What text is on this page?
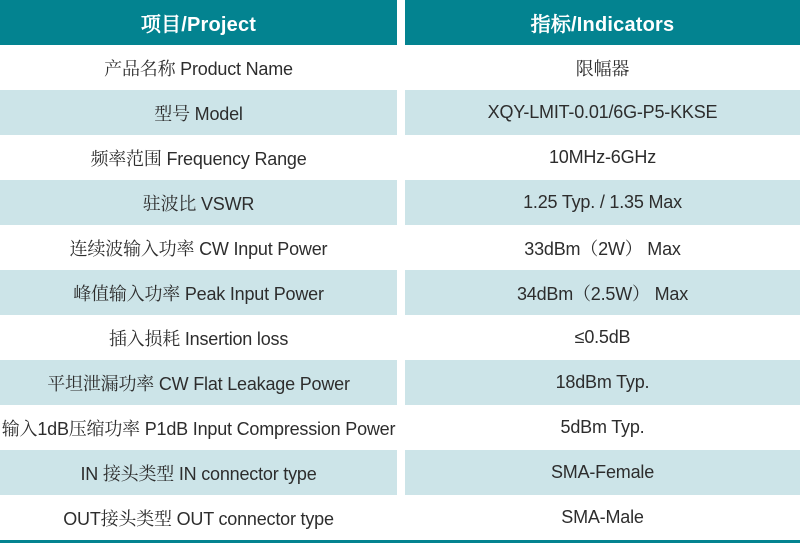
项目/Project	指标/Indicators
产品名称 Product Name	限幅器
型号 Model	XQY-LMIT-0.01/6G-P5-KKSE
频率范围 Frequency Range	10MHz-6GHz
驻波比 VSWR	1.25 Typ. / 1.35 Max
连续波输入功率 CW Input Power	33dBm（2W） Max
峰值输入功率 Peak Input Power	34dBm（2.5W） Max
插入损耗 Insertion loss	≤0.5dB
平坦泄漏功率 CW Flat Leakage Power	18dBm Typ.
输入1dB压缩功率 P1dB Input Compression Power	5dBm Typ.
IN 接头类型 IN connector type	SMA-Female
OUT接头类型 OUT connector type	SMA-Male
